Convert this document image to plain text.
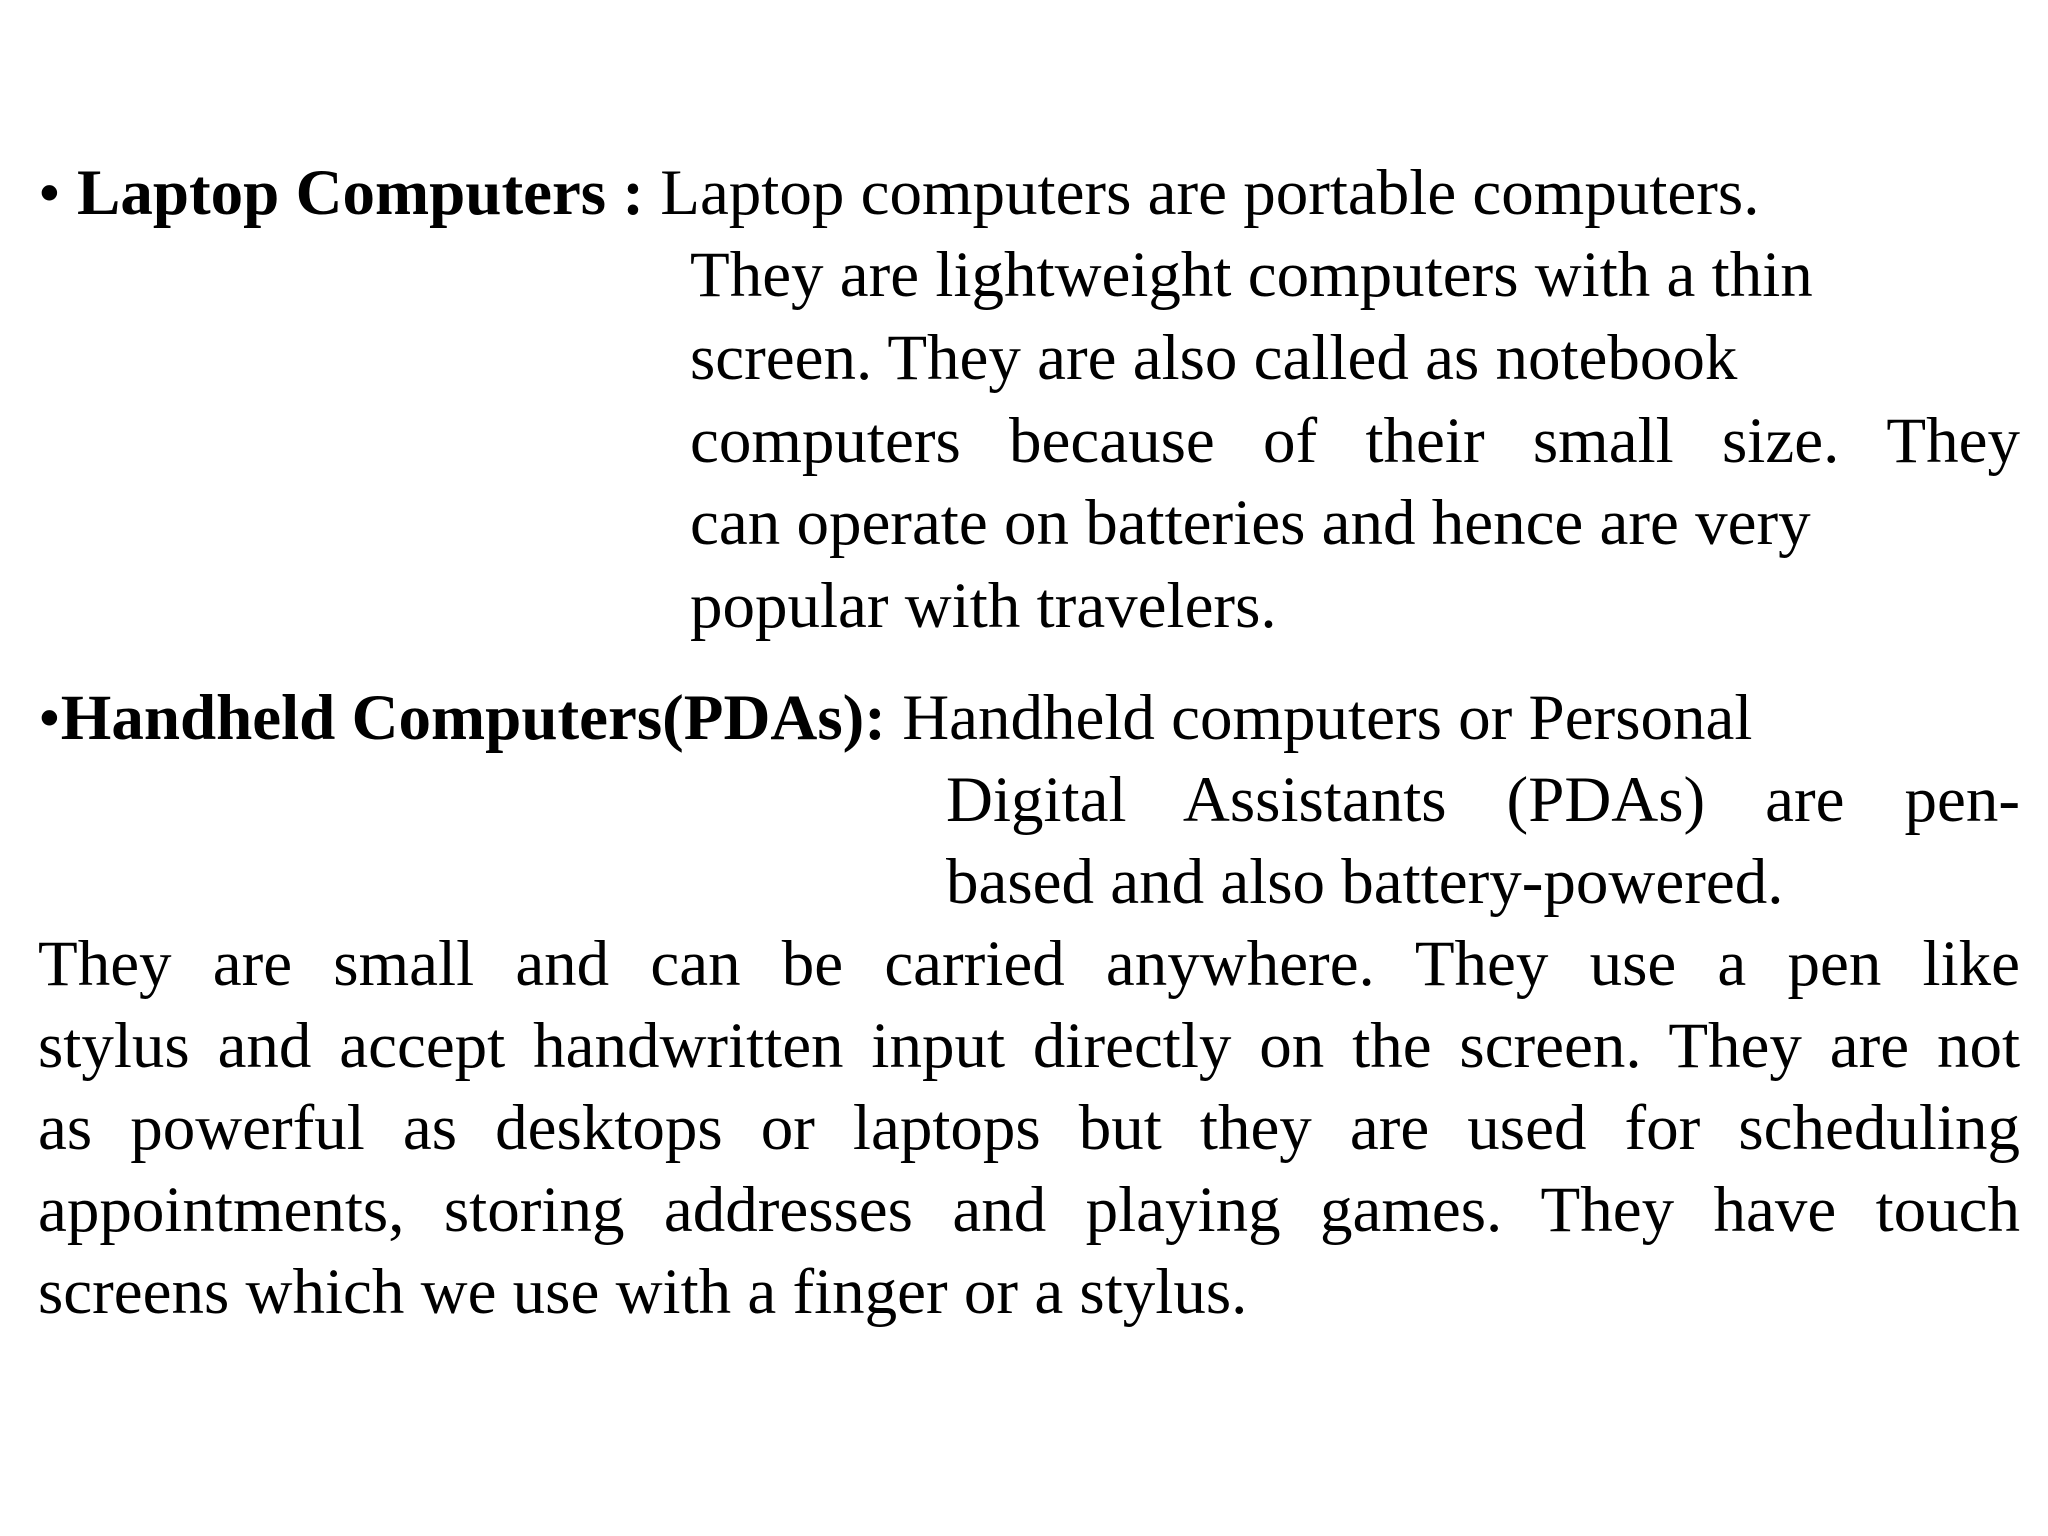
• Laptop Computers : Laptop computers are portable computers.
They are lightweight computers with a thin
screen. They are also called as notebook
computers because of their small size. They
can operate on batteries and hence are very
popular with travelers.
•Handheld Computers(PDAs): Handheld computers or Personal
Digital Assistants (PDAs) are pen-
based and also battery-powered.
They are small and can be carried anywhere. They use a pen like
stylus and accept handwritten input directly on the screen. They are not
as powerful as desktops or laptops but they are used for scheduling
appointments, storing addresses and playing games. They have touch
screens which we use with a finger or a stylus.
